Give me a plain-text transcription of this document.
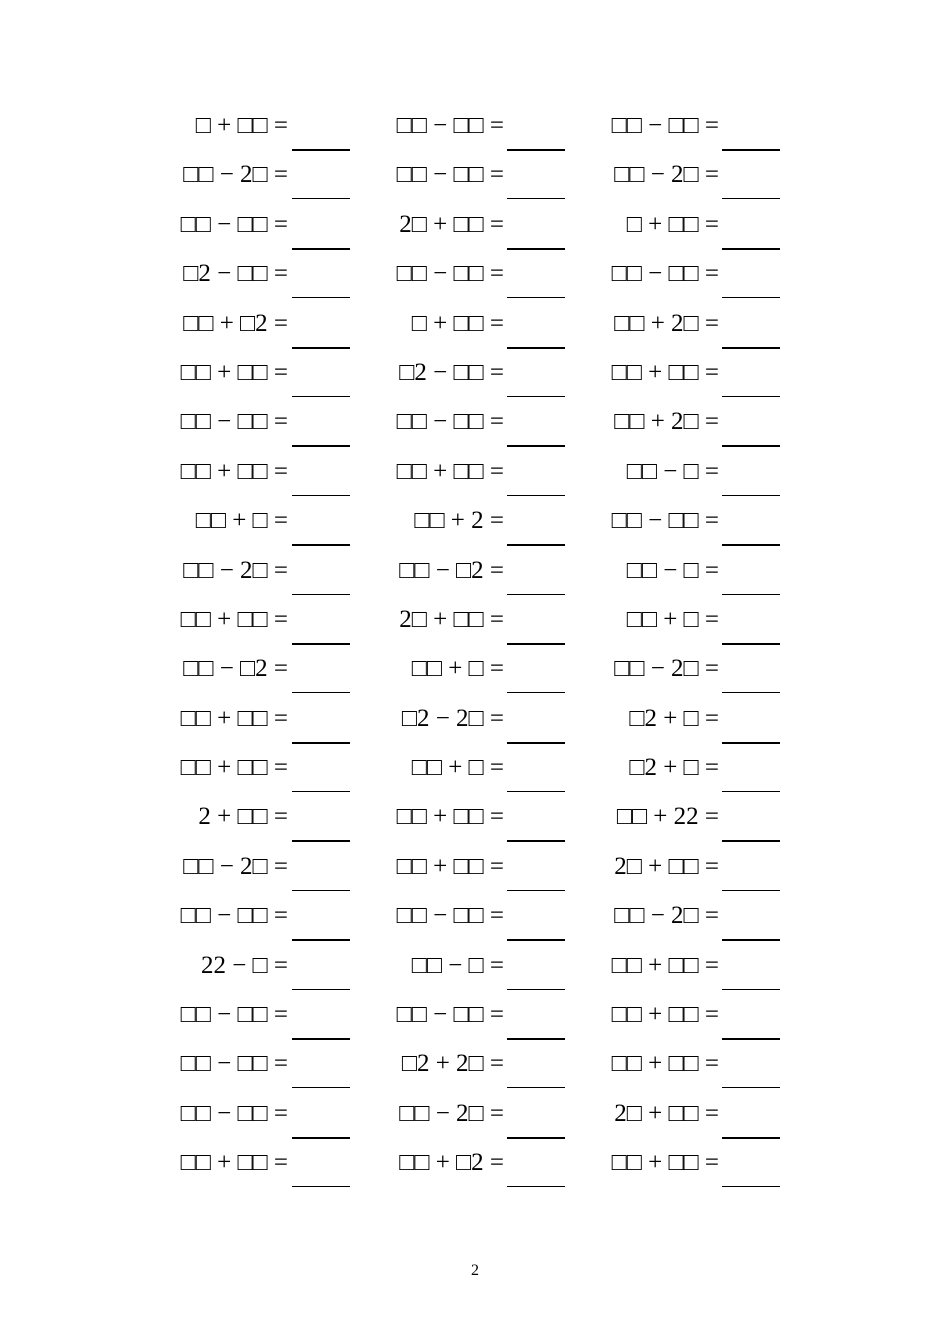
□ + □□ =	□□ − □□ =	□□ − □□ =
□□ − 2□ =	□□ − □□ =	□□ − 2□ =
□□ − □□ =	2□ + □□ =	□ + □□ =
□2 − □□ =	□□ − □□ =	□□ − □□ =
□□ + □2 =	□ + □□ =	□□ + 2□ =
□□ + □□ =	□2 − □□ =	□□ + □□ =
□□ − □□ =	□□ − □□ =	□□ + 2□ =
□□ + □□ =	□□ + □□ =	□□ − □ =
□□ + □ =	□□ + 2 =	□□ − □□ =
□□ − 2□ =	□□ − □2 =	□□ − □ =
□□ + □□ =	2□ + □□ =	□□ + □ =
□□ − □2 =	□□ + □ =	□□ − 2□ =
□□ + □□ =	□2 − 2□ =	□2 + □ =
□□ + □□ =	□□ + □ =	□2 + □ =
2 + □□ =	□□ + □□ =	□□ + 22 =
□□ − 2□ =	□□ + □□ =	2□ + □□ =
□□ − □□ =	□□ − □□ =	□□ − 2□ =
22 − □ =	□□ − □ =	□□ + □□ =
□□ − □□ =	□□ − □□ =	□□ + □□ =
□□ − □□ =	□2 + 2□ =	□□ + □□ =
□□ − □□ =	□□ − 2□ =	2□ + □□ =
□□ + □□ =	□□ + □2 =	□□ + □□ =
2
